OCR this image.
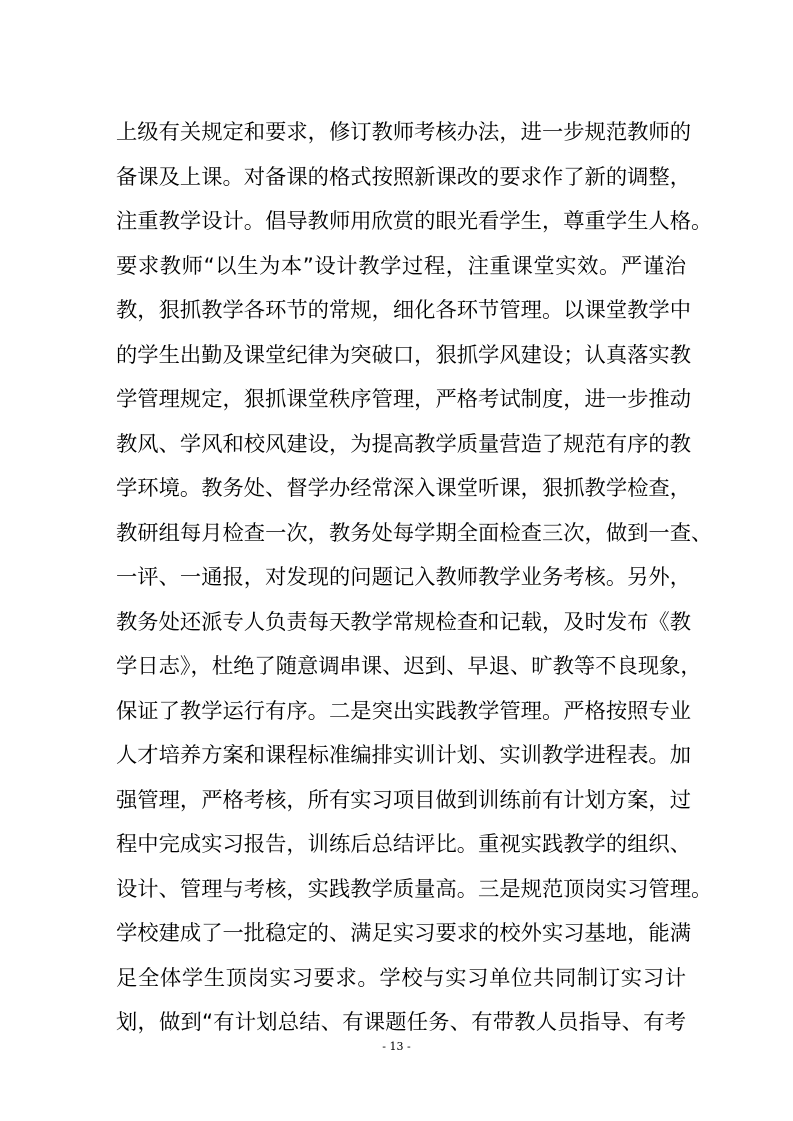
上级有关规定和要求，修订教师考核办法，进一步规范教师的
备课及上课。对备课的格式按照新课改的要求作了新的调整，
注重教学设计。倡导教师用欣赏的眼光看学生，尊重学生人格。
要求教师“以生为本”设计教学过程，注重课堂实效。严谨治
教，狠抓教学各环节的常规，细化各环节管理。以课堂教学中
的学生出勤及课堂纪律为突破口，狠抓学风建设；认真落实教
学管理规定，狠抓课堂秩序管理，严格考试制度，进一步推动
教风、学风和校风建设，为提高教学质量营造了规范有序的教
学环境。教务处、督学办经常深入课堂听课，狠抓教学检查，
教研组每月检查一次，教务处每学期全面检查三次，做到一查、
一评、一通报，对发现的问题记入教师教学业务考核。另外，
教务处还派专人负责每天教学常规检查和记载，及时发布《教
学日志》，杜绝了随意调串课、迟到、早退、旷教等不良现象，
保证了教学运行有序。二是突出实践教学管理。严格按照专业
人才培养方案和课程标准编排实训计划、实训教学进程表。加
强管理，严格考核，所有实习项目做到训练前有计划方案，过
程中完成实习报告，训练后总结评比。重视实践教学的组织、
设计、管理与考核，实践教学质量高。三是规范顶岗实习管理。
学校建成了一批稳定的、满足实习要求的校外实习基地，能满
足全体学生顶岗实习要求。学校与实习单位共同制订实习计
划，做到“有计划总结、有课题任务、有带教人员指导、有考
- 13 -
